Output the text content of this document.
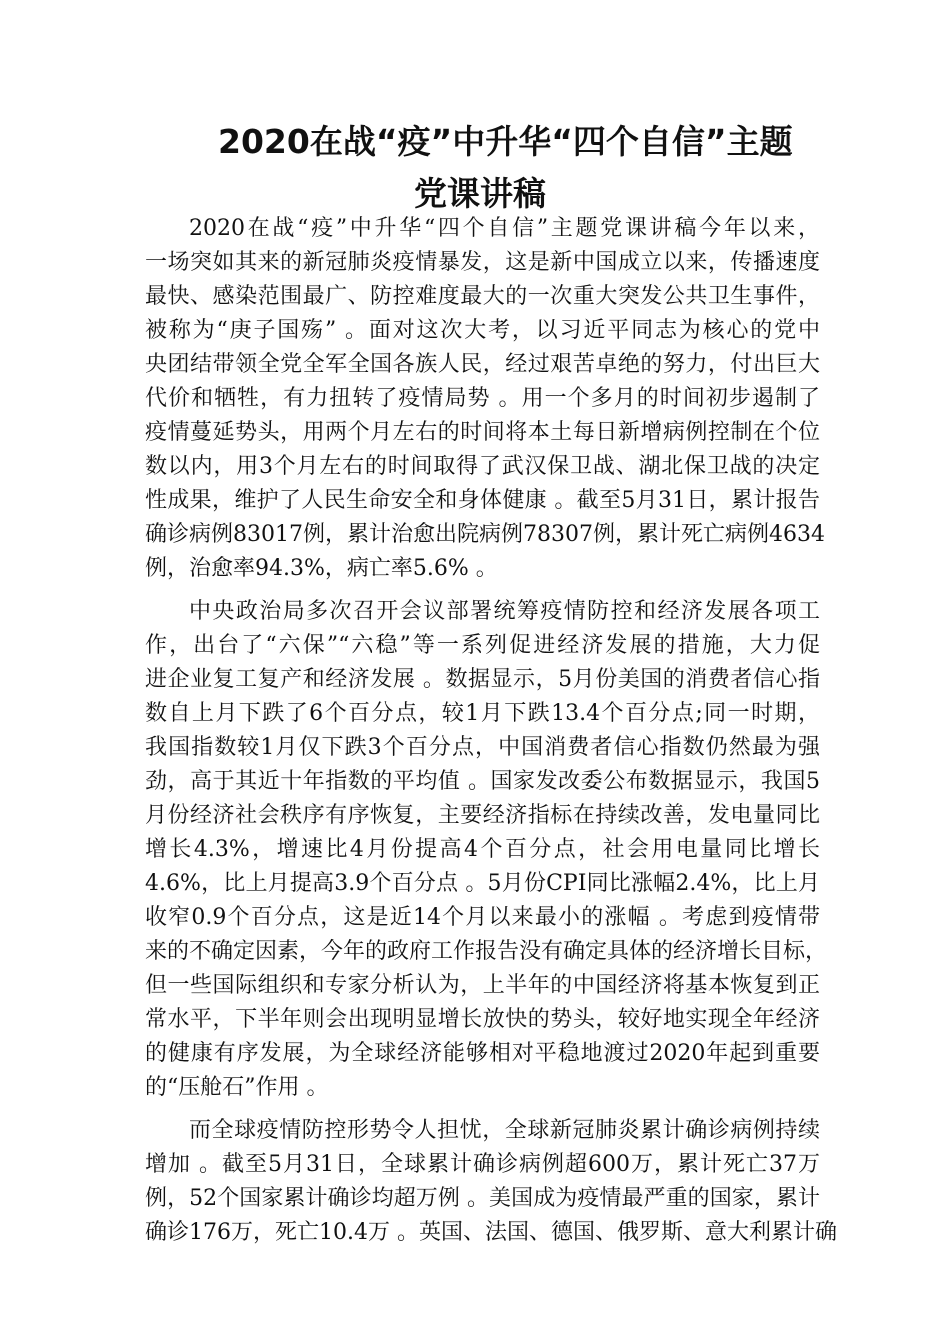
2020在战“疫”中升华“四个自信”主题
党课讲稿
2020在战“疫”中升华“四个自信”主题党课讲稿今年以来，
一场突如其来的新冠肺炎疫情暴发，这是新中国成立以来，传播速度
最快、感染范围最广、防控难度最大的一次重大突发公共卫生事件，
被称为“庚子国殇” 。面对这次大考，以习近平同志为核心的党中
央团结带领全党全军全国各族人民，经过艰苦卓绝的努力，付出巨大
代价和牺牲，有力扭转了疫情局势 。用一个多月的时间初步遏制了
疫情蔓延势头，用两个月左右的时间将本土每日新增病例控制在个位
数以内，用3个月左右的时间取得了武汉保卫战、湖北保卫战的决定
性成果，维护了人民生命安全和身体健康 。截至5月31日，累计报告
确诊病例83017例，累计治愈出院病例78307例，累计死亡病例4634
例，治愈率94.3%，病亡率5.6% 。
中央政治局多次召开会议部署统筹疫情防控和经济发展各项工
作，出台了“六保”“六稳”等一系列促进经济发展的措施，大力促
进企业复工复产和经济发展 。数据显示，5月份美国的消费者信心指
数自上月下跌了6个百分点，较1月下跌13.4个百分点;同一时期，
我国指数较1月仅下跌3个百分点，中国消费者信心指数仍然最为强
劲，高于其近十年指数的平均值 。国家发改委公布数据显示，我国5
月份经济社会秩序有序恢复，主要经济指标在持续改善，发电量同比
增长4.3%，增速比4月份提高4个百分点，社会用电量同比增长
4.6%，比上月提高3.9个百分点 。5月份CPI同比涨幅2.4%，比上月
收窄0.9个百分点，这是近14个月以来最小的涨幅 。考虑到疫情带
来的不确定因素，今年的政府工作报告没有确定具体的经济增长目标，
但一些国际组织和专家分析认为，上半年的中国经济将基本恢复到正
常水平，下半年则会出现明显增长放快的势头，较好地实现全年经济
的健康有序发展，为全球经济能够相对平稳地渡过2020年起到重要
的“压舱石”作用 。
而全球疫情防控形势令人担忧，全球新冠肺炎累计确诊病例持续
增加 。截至5月31日，全球累计确诊病例超600万，累计死亡37万
例，52个国家累计确诊均超万例 。美国成为疫情最严重的国家，累计
确诊176万，死亡10.4万 。英国、法国、德国、俄罗斯、意大利累计确
